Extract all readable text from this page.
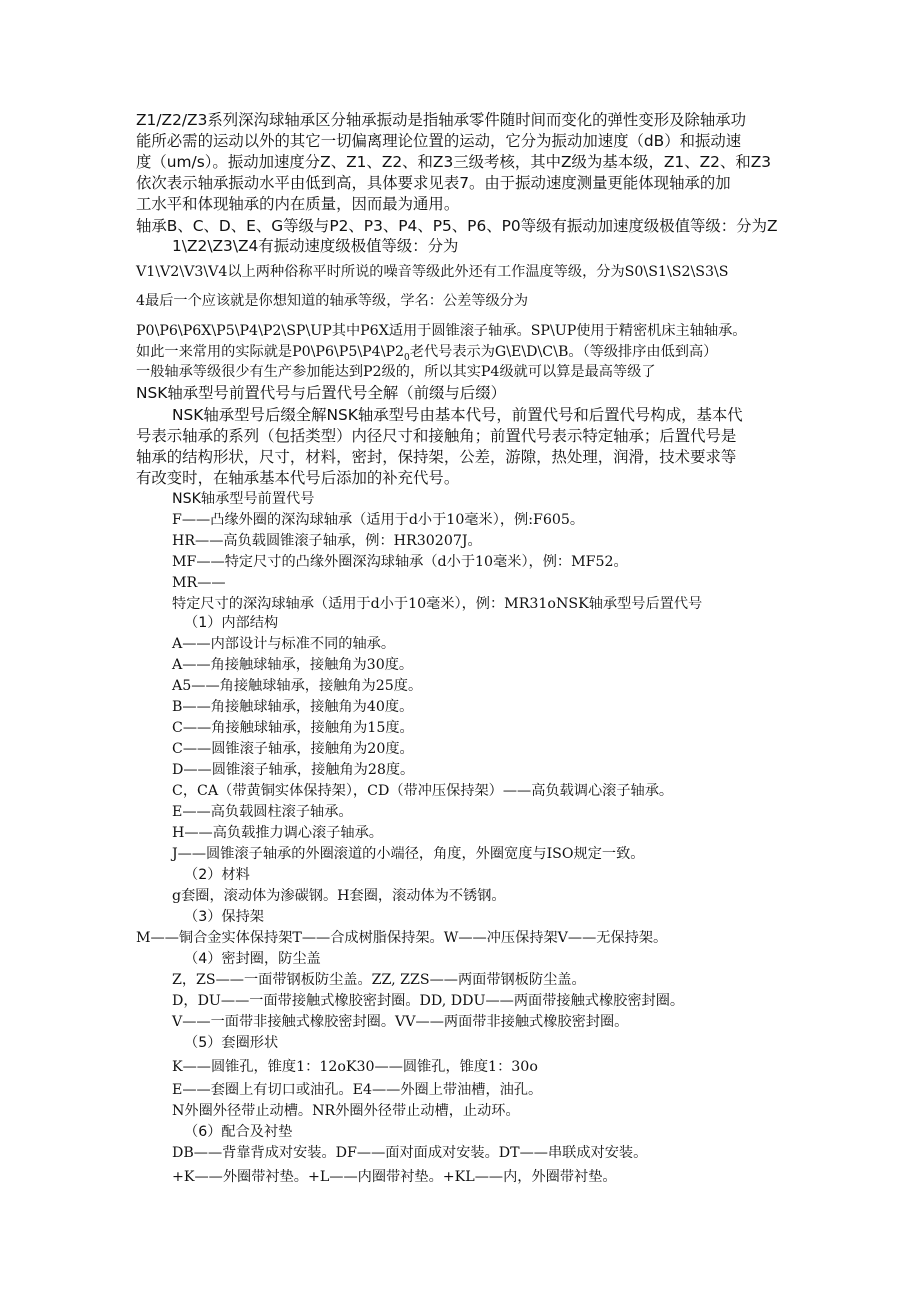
Z1/Z2/Z3系列深沟球轴承区分轴承振动是指轴承零件随时间而变化的弹性变形及除轴承功
能所必需的运动以外的其它一切偏离理论位置的运动，它分为振动加速度（dB）和振动速
度（um/s）。振动加速度分Z、Z1、Z2、和Z3三级考核，其中Z级为基本级，Z1、Z2、和Z3
依次表示轴承振动水平由低到高，具体要求见表7。由于振动速度测量更能体现轴承的加
工水平和体现轴承的内在质量，因而最为通用。
轴承B、C、D、E、G等级与P2、P3、P4、P5、P6、P0等级有振动加速度级极值等级：分为Z
1\Z2\Z3\Z4有振动速度级极值等级：分为
V1\V2\V3\V4以上两种俗称平时所说的噪音等级此外还有工作温度等级，分为S0\S1\S2\S3\S
4最后一个应该就是你想知道的轴承等级，学名：公差等级分为
P0\P6\P6X\P5\P4\P2\SP\UP其中P6X适用于圆锥滚子轴承。SP\UP使用于精密机床主轴轴承。
如此一来常用的实际就是$P0\backslash P6\backslash P5\backslash P4\backslash P2_0$老代号表示为G\E\D\C\B。（等级排序由低到高）
一般轴承等级很少有生产参加能达到P2级的，所以其实P4级就可以算是最高等级了
NSK轴承型号前置代号与后置代号全解（前缀与后缀）
NSK轴承型号后缀全解NSK轴承型号由基本代号，前置代号和后置代号构成，基本代
号表示轴承的系列（包括类型）内径尺寸和接触角；前置代号表示特定轴承；后置代号是
轴承的结构形状，尺寸，材料，密封，保持架，公差，游隙，热处理，润滑，技术要求等
有改变时，在轴承基本代号后添加的补充代号。
NSK轴承型号前置代号
F——凸缘外圈的深沟球轴承（适用于d小于10毫米），例:F605。
HR——高负载圆锥滚子轴承，例：HR30207J。
MF——特定尺寸的凸缘外圈深沟球轴承（d小于10毫米），例：MF52。
MR——
特定尺寸的深沟球轴承（适用于d小于10毫米），例：MR31oNSK轴承型号后置代号
（1）内部结构
A——内部设计与标准不同的轴承。
A——角接触球轴承，接触角为30度。
A5——角接触球轴承，接触角为25度。
B——角接触球轴承，接触角为40度。
C——角接触球轴承，接触角为15度。
C——圆锥滚子轴承，接触角为20度。
D——圆锥滚子轴承，接触角为28度。
C，CA（带黄铜实体保持架），CD（带冲压保持架）——高负载调心滚子轴承。
E——高负载圆柱滚子轴承。
H——高负载推力调心滚子轴承。
J——圆锥滚子轴承的外圈滚道的小端径，角度，外圈宽度与ISO规定一致。
（2）材料
g套圈，滚动体为渗碳钢。H套圈，滚动体为不锈钢。
（3）保持架
M——铜合金实体保持架T——合成树脂保持架。W——冲压保持架V——无保持架。
（4）密封圈，防尘盖
Z，ZS——一面带钢板防尘盖。ZZ, ZZS——两面带钢板防尘盖。
D，DU——一面带接触式橡胶密封圈。DD, DDU——两面带接触式橡胶密封圈。
V——一面带非接触式橡胶密封圈。VV——两面带非接触式橡胶密封圈。
（5）套圈形状
K——圆锥孔，锥度1：12oK30——圆锥孔，锥度1：30o
E——套圈上有切口或油孔。E4——外圈上带油槽，油孔。
N外圈外径带止动槽。NR外圈外径带止动槽，止动环。
（6）配合及衬垫
DB——背靠背成对安装。DF——面对面成对安装。DT——串联成对安装。
+K——外圈带衬垫。+L——内圈带衬垫。+KL——内，外圈带衬垫。
